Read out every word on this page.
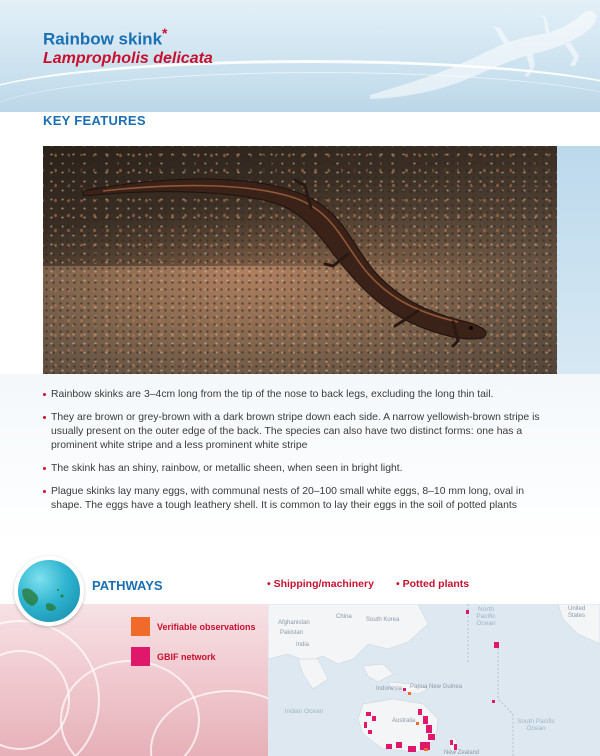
Rainbow skink*
Lampropholis delicata
KEY FEATURES
Rainbow skinks are 3–4cm long from the tip of the nose to back legs, excluding the long thin tail.
They are brown or grey-brown with a dark brown stripe down each side. A narrow yellowish-brown stripe is usually present on the outer edge of the back. The species can also have two distinct forms: one has a prominent white stripe and a less prominent white stripe
The skink has an shiny, rainbow, or metallic sheen, when seen in bright light.
Plague skinks lay many eggs, with communal nests of 20–100 small white eggs, 8–10 mm long, oval in shape. The eggs have a tough leathery shell. It is common to lay their eggs in the soil of potted plants
PATHWAYS	• Shipping/machinery • Potted plants
Verifiable observations
GBIF network
China South Korea
Afghanistan
Pakistan
India
Indonesia Papua New Guinea
Australia
New Zealand
United States
North Pacific Ocean
Indian Ocean
South Pacific Ocean
